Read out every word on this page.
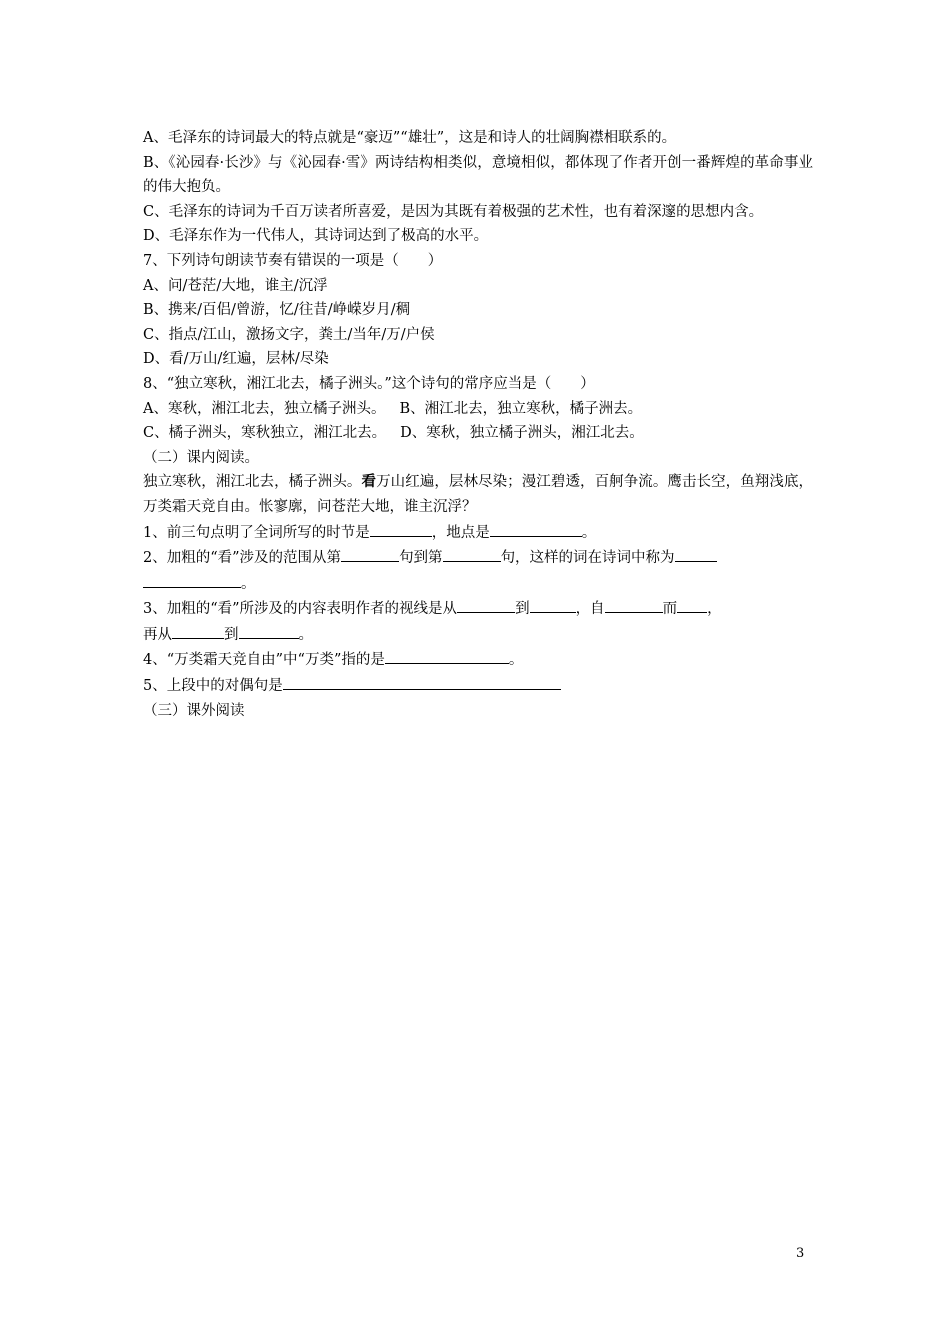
A、毛泽东的诗词最大的特点就是“豪迈”“雄壮”，这是和诗人的壮阔胸襟相联系的。
B、《沁园春·长沙》与《沁园春·雪》两诗结构相类似，意境相似，都体现了作者开创一番辉煌的革命事业的伟大抱负。
C、毛泽东的诗词为千百万读者所喜爱，是因为其既有着极强的艺术性，也有着深邃的思想内含。
D、毛泽东作为一代伟人，其诗词达到了极高的水平。
7、下列诗句朗读节奏有错误的一项是（　　）
A、问/苍茫/大地，谁主/沉浮
B、携来/百侣/曾游，忆/往昔/峥嵘岁月/稠
C、指点/江山，激扬文字，粪土/当年/万/户侯
D、看/万山/红遍，层林/尽染
8、“独立寒秋，湘江北去，橘子洲头。”这个诗句的常序应当是（　　）
A、寒秋，湘江北去，独立橘子洲头。 B、湘江北去，独立寒秋，橘子洲去。
C、橘子洲头，寒秋独立，湘江北去。 D、寒秋，独立橘子洲头，湘江北去。
（二）课内阅读。
独立寒秋，湘江北去，橘子洲头。看万山红遍，层林尽染；漫江碧透，百舸争流。鹰击长空，鱼翔浅底，万类霜天竞自由。怅寥廓，问苍茫大地，谁主沉浮？
1、前三句点明了全词所写的时节是	，地点是	。
2、加粗的“看”涉及的范围从第	句到第	句，这样的词在诗词中称为
。
3、加粗的“看”所涉及的内容表明作者的视线是从	到	，自	而 ，
再从	到	。
4、“万类霜天竞自由”中“万类”指的是	。
5、上段中的对偶句是
（三）课外阅读
3
